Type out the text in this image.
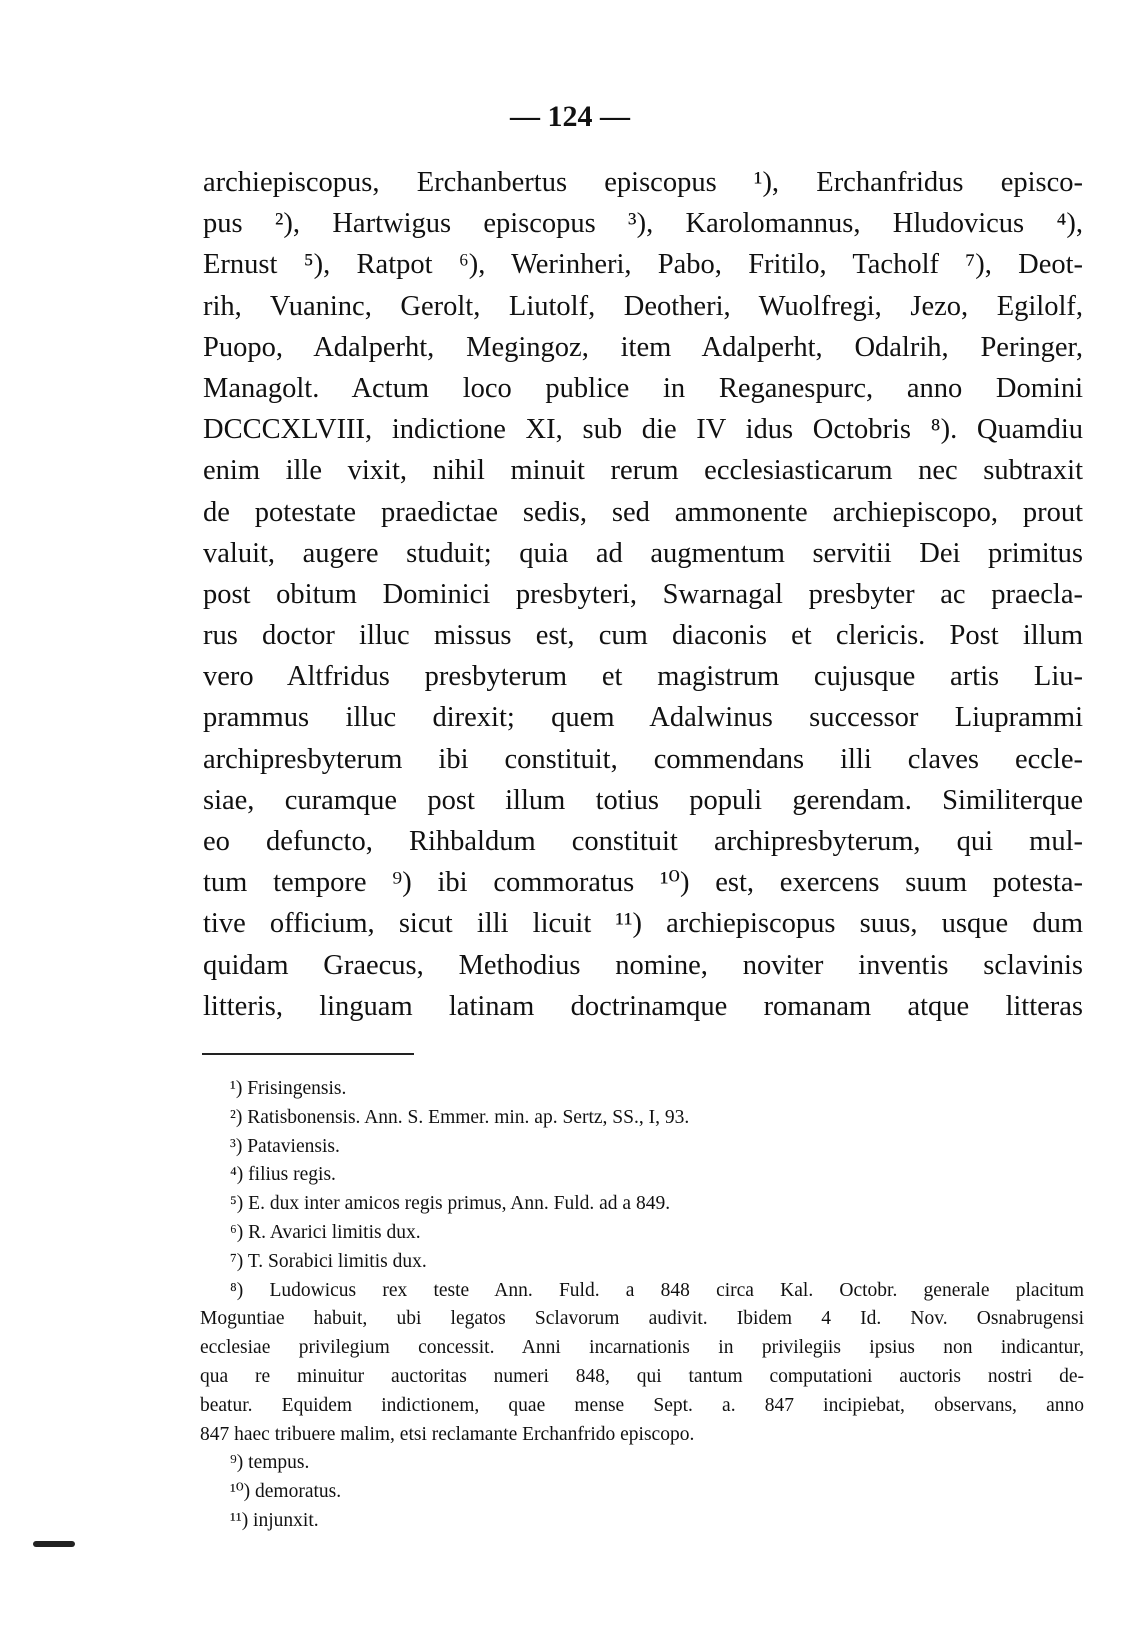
— 124 —
archiepiscopus, Erchanbertus episcopus ¹), Erchanfridus episco-
pus ²), Hartwigus episcopus ³), Karolomannus, Hludovicus ⁴),
Ernust ⁵), Ratpot ⁶), Werinheri, Pabo, Fritilo, Tacholf ⁷), Deot-
rih, Vuaninc, Gerolt, Liutolf, Deotheri, Wuolfregi, Jezo, Egilolf,
Puopo, Adalperht, Megingoz, item Adalperht, Odalrih, Peringer,
Managolt. Actum loco publice in Reganespurc, anno Domini
DCCCXLVIII, indictione XI, sub die IV idus Octobris ⁸). Quamdiu
enim ille vixit, nihil minuit rerum ecclesiasticarum nec subtraxit
de potestate praedictae sedis, sed ammonente archiepiscopo, prout
valuit, augere studuit; quia ad augmentum servitii Dei primitus
post obitum Dominici presbyteri, Swarnagal presbyter ac praecla-
rus doctor illuc missus est, cum diaconis et clericis. Post illum
vero Altfridus presbyterum et magistrum cujusque artis Liu-
prammus illuc direxit; quem Adalwinus successor Liuprammi
archipresbyterum ibi constituit, commendans illi claves eccle-
siae, curamque post illum totius populi gerendam. Similiterque
eo defuncto, Rihbaldum constituit archipresbyterum, qui mul-
tum tempore ⁹) ibi commoratus ¹⁰) est, exercens suum potesta-
tive officium, sicut illi licuit ¹¹) archiepiscopus suus, usque dum
quidam Graecus, Methodius nomine, noviter inventis sclavinis
litteris, linguam latinam doctrinamque romanam atque litteras
¹) Frisingensis.
²) Ratisbonensis. Ann. S. Emmer. min. ap. Sertz, SS., I, 93.
³) Pataviensis.
⁴) filius regis.
⁵) E. dux inter amicos regis primus, Ann. Fuld. ad a 849.
⁶) R. Avarici limitis dux.
⁷) T. Sorabici limitis dux.
⁸) Ludowicus rex teste Ann. Fuld. a 848 circa Kal. Octobr. generale placitum
Moguntiae habuit, ubi legatos Sclavorum audivit. Ibidem 4 Id. Nov. Osnabrugensi
ecclesiae privilegium concessit. Anni incarnationis in privilegiis ipsius non indicantur,
qua re minuitur auctoritas numeri 848, qui tantum computationi auctoris nostri de-
beatur. Equidem indictionem, quae mense Sept. a. 847 incipiebat, observans, anno
847 haec tribuere malim, etsi reclamante Erchanfrido episcopo.
⁹) tempus.
¹⁰) demoratus.
¹¹) injunxit.
